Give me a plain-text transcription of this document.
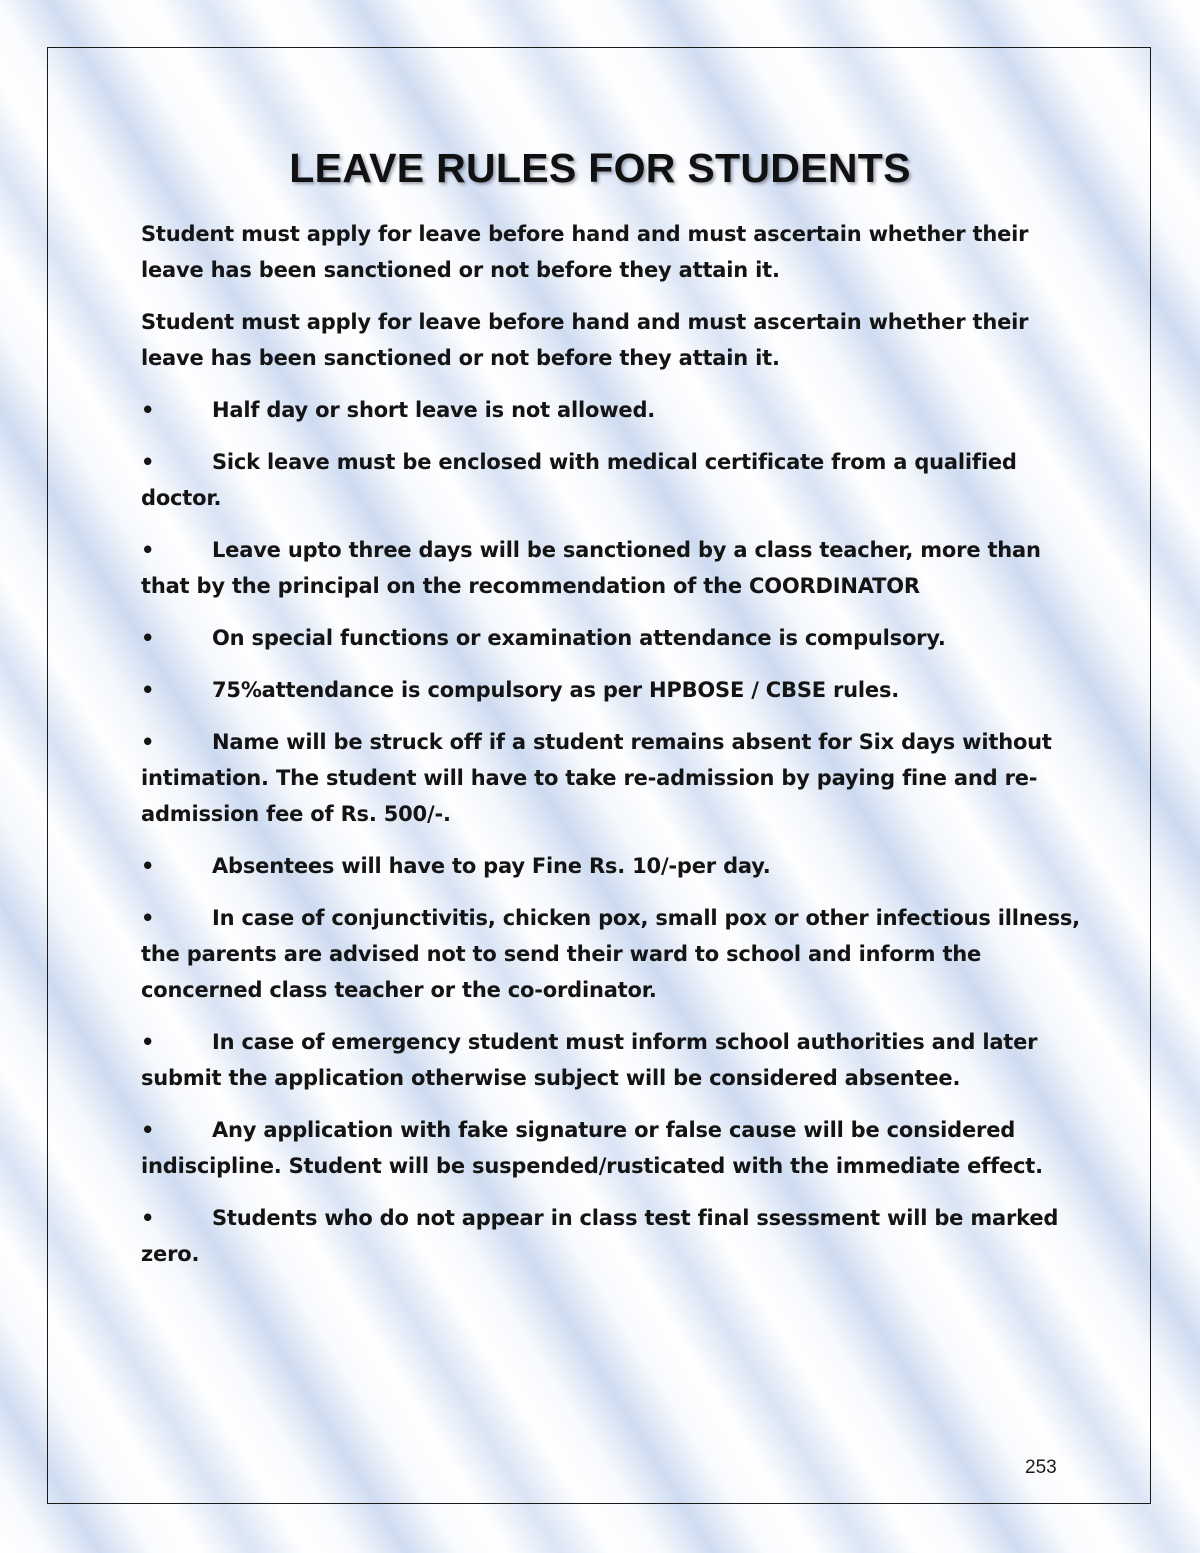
LEAVE RULES FOR STUDENTS

Student must apply for leave before hand and must ascertain whether their leave has been sanctioned or not before they attain it.

Student must apply for leave before hand and must ascertain whether their leave has been sanctioned or not before they attain it.

•	Half day or short leave is not allowed.

•	Sick leave must be enclosed with medical certificate from a qualified doctor.

•	Leave upto three days will be sanctioned by a class teacher, more than that by the principal on the recommendation of the COORDINATOR

•	On special functions or examination attendance is compulsory.

•	75%attendance is compulsory as per HPBOSE / CBSE rules.

•	Name will be struck off if a student remains absent for Six days without intimation. The student will have to take re-admission by paying fine and re-admission fee of Rs. 500/-.

•	Absentees will have to pay Fine Rs. 10/-per day.

•	In case of conjunctivitis, chicken pox, small pox or other infectious illness, the parents are advised not to send their ward to school and inform the concerned class teacher or the co-ordinator.

•	In case of emergency student must inform school authorities and later submit the application otherwise subject will be considered absentee.

•	Any application with fake signature or false cause will be considered indiscipline. Student will be suspended/rusticated with the immediate effect.

•	Students who do not appear in class test final ssessment will be marked zero.

253
